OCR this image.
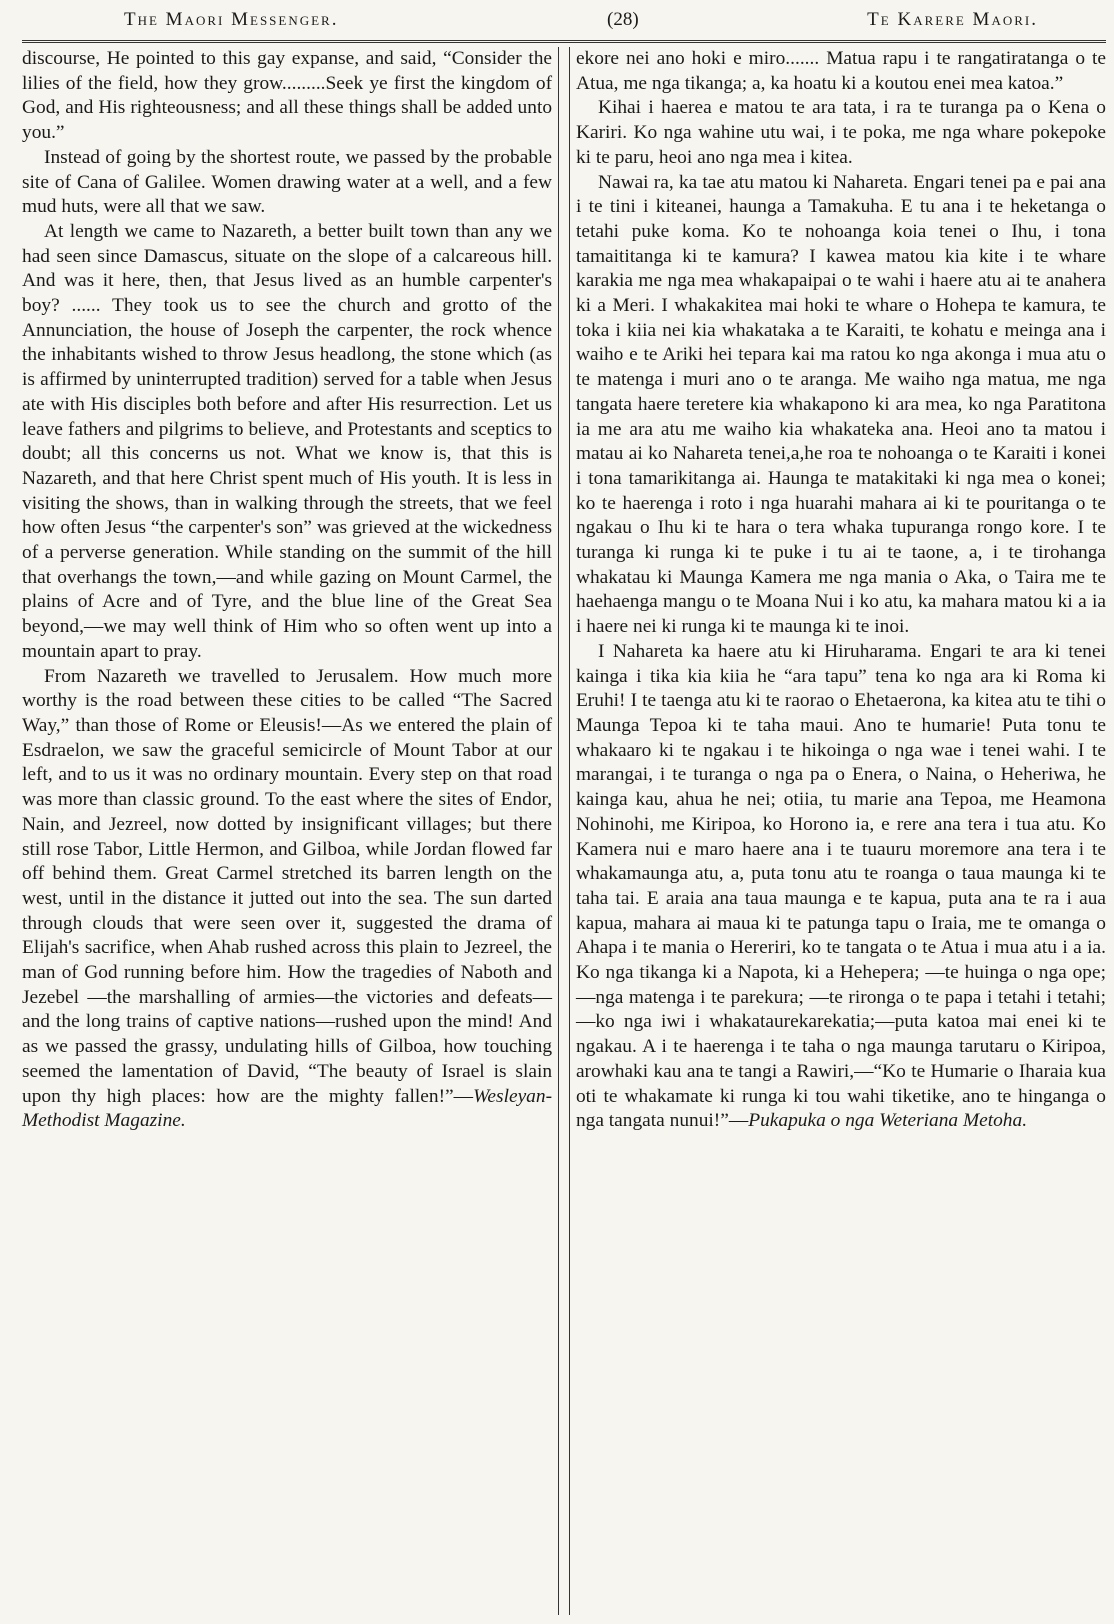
The Maori Messenger.	(28)	Te Karere Maori.

discourse, He pointed to this gay expanse, and said, “Consider the lilies of the field, how they grow.........Seek ye first the kingdom of God, and His righteousness; and all these things shall be added unto you.”

Instead of going by the shortest route, we passed by the probable site of Cana of Galilee. Women drawing water at a well, and a few mud huts, were all that we saw.

At length we came to Nazareth, a better built town than any we had seen since Damascus, situate on the slope of a calcareous hill. And was it here, then, that Jesus lived as an humble carpenter's boy? ...... They took us to see the church and grotto of the Annunciation, the house of Joseph the carpenter, the rock whence the inhabitants wished to throw Jesus headlong, the stone which (as is affirmed by uninterrupted tradition) served for a table when Jesus ate with His disciples both before and after His resurrection. Let us leave fathers and pilgrims to believe, and Protestants and sceptics to doubt; all this concerns us not. What we know is, that this is Nazareth, and that here Christ spent much of His youth. It is less in visiting the shows, than in walking through the streets, that we feel how often Jesus “the carpenter's son” was grieved at the wickedness of a perverse generation. While standing on the summit of the hill that overhangs the town,—and while gazing on Mount Carmel, the plains of Acre and of Tyre, and the blue line of the Great Sea beyond,—we may well think of Him who so often went up into a mountain apart to pray.

From Nazareth we travelled to Jerusalem. How much more worthy is the road between these cities to be called “The Sacred Way,” than those of Rome or Eleusis!—As we entered the plain of Esdraelon, we saw the graceful semicircle of Mount Tabor at our left, and to us it was no ordinary mountain. Every step on that road was more than classic ground. To the east where the sites of Endor, Nain, and Jezreel, now dotted by insignificant villages; but there still rose Tabor, Little Hermon, and Gilboa, while Jordan flowed far off behind them. Great Carmel stretched its barren length on the west, until in the distance it jutted out into the sea. The sun darted through clouds that were seen over it, suggested the drama of Elijah's sacrifice, when Ahab rushed across this plain to Jezreel, the man of God running before him. How the tragedies of Naboth and Jezebel —the marshalling of armies—the victories and defeats—and the long trains of captive nations—rushed upon the mind! And as we passed the grassy, undulating hills of Gilboa, how touching seemed the lamentation of David, “The beauty of Israel is slain upon thy high places: how are the mighty fallen!”—Wesleyan-Methodist Magazine.

ekore nei ano hoki e miro....... Matua rapu i te rangatiratanga o te Atua, me nga tikanga; a, ka hoatu ki a koutou enei mea katoa.”

Kihai i haerea e matou te ara tata, i ra te turanga pa o Kena o Kariri. Ko nga wahine utu wai, i te poka, me nga whare pokepoke ki te paru, heoi ano nga mea i kitea.

Nawai ra, ka tae atu matou ki Nahareta. Engari tenei pa e pai ana i te tini i kiteanei, haunga a Tamakuha. E tu ana i te heketanga o tetahi puke koma. Ko te nohoanga koia tenei o Ihu, i tona tamaititanga ki te kamura? I kawea matou kia kite i te whare karakia me nga mea whakapaipai o te wahi i haere atu ai te anahera ki a Meri. I whakakitea mai hoki te whare o Hohepa te kamura, te toka i kiia nei kia whakataka a te Karaiti, te kohatu e meinga ana i waiho e te Ariki hei tepara kai ma ratou ko nga akonga i mua atu o te matenga i muri ano o te aranga. Me waiho nga matua, me nga tangata haere teretere kia whakapono ki ara mea, ko nga Paratitona ia me ara atu me waiho kia whakateka ana. Heoi ano ta matou i matau ai ko Nahareta tenei,a,he roa te nohoanga o te Karaiti i konei i tona tamarikitanga ai. Haunga te matakitaki ki nga mea o konei; ko te haerenga i roto i nga huarahi mahara ai ki te pouritanga o te ngakau o Ihu ki te hara o tera whaka tupuranga rongo kore. I te turanga ki runga ki te puke i tu ai te taone, a, i te tirohanga whakatau ki Maunga Kamera me nga mania o Aka, o Taira me te haehaenga mangu o te Moana Nui i ko atu, ka mahara matou ki a ia i haere nei ki runga ki te maunga ki te inoi.

I Nahareta ka haere atu ki Hiruharama. Engari te ara ki tenei kainga i tika kia kiia he “ara tapu” tena ko nga ara ki Roma ki Eruhi! I te taenga atu ki te raorao o Ehetaerona, ka kitea atu te tihi o Maunga Tepoa ki te taha maui. Ano te humarie! Puta tonu te whakaaro ki te ngakau i te hikoinga o nga wae i tenei wahi. I te marangai, i te turanga o nga pa o Enera, o Naina, o Heheriwa, he kainga kau, ahua he nei; otiia, tu marie ana Tepoa, me Heamona Nohinohi, me Kiripoa, ko Horono ia, e rere ana tera i tua atu. Ko Kamera nui e maro haere ana i te tuauru moremore ana tera i te whakamaunga atu, a, puta tonu atu te roanga o taua maunga ki te taha tai. E araia ana taua maunga e te kapua, puta ana te ra i aua kapua, mahara ai maua ki te patunga tapu o Iraia, me te omanga o Ahapa i te mania o Hereriri, ko te tangata o te Atua i mua atu i a ia. Ko nga tikanga ki a Napota, ki a Hehepera; —te huinga o nga ope;—nga matenga i te parekura; —te rironga o te papa i tetahi i tetahi;—ko nga iwi i whakataurekarekatia;—puta katoa mai enei ki te ngakau. A i te haerenga i te taha o nga maunga tarutaru o Kiripoa, arowhaki kau ana te tangi a Rawiri,—“Ko te Humarie o Iharaia kua oti te whakamate ki runga ki tou wahi tiketike, ano te hinganga o nga tangata nunui!”—Pukapuka o nga Weteriana Metoha.
